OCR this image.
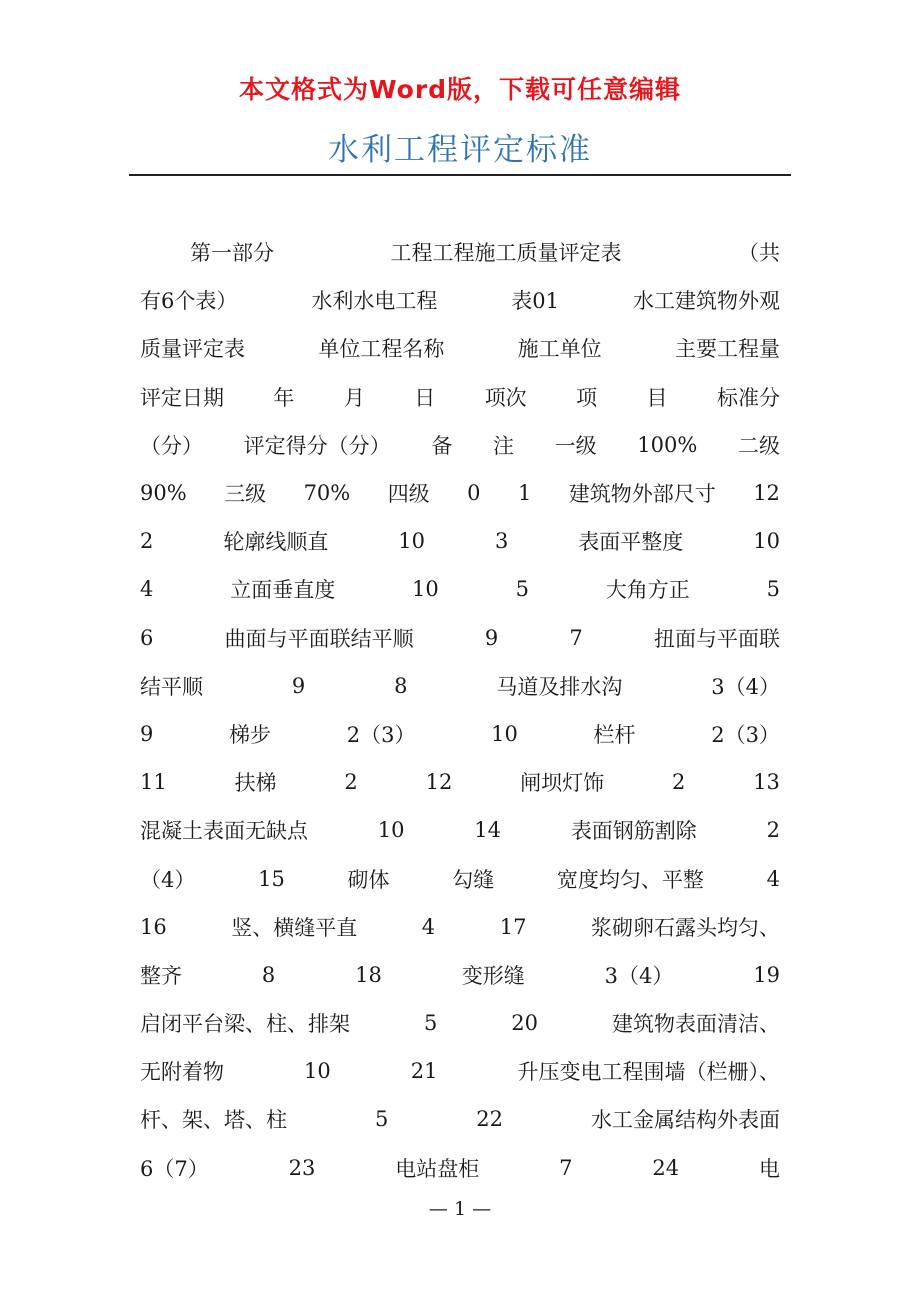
本文格式为Word版，下载可任意编辑
水利工程评定标准
第一部分	工程工程施工质量评定表	（共
有6个表）	水利水电工程	表01	水工建筑物外观
质量评定表	单位工程名称	施工单位	主要工程量
评定日期 年 月 日 项次 项 目 标准分
（分） 评定得分（分） 备 注 一级 100% 二级
90% 三级 70% 四级 0 1 建筑物外部尺寸 12
2	轮廓线顺直	10	3	表面平整度	10
4	立面垂直度	10	5	大角方正	5
6	曲面与平面联结平顺	9	7	扭面与平面联
结平顺	9	8	马道及排水沟	3（4）
9	梯步	2（3）	10	栏杆	2（3）
11	扶梯	2	12	闸坝灯饰	2	13
混凝土表面无缺点	10	14	表面钢筋割除	2
（4）	15	砌体	勾缝	宽度均匀、平整	4
16	竖、横缝平直	4	17	浆砌卵石露头均匀、
整齐	8	18	变形缝	3（4）	19
启闭平台梁、柱、排架	5	20	建筑物表面清洁、
无附着物	10	21	升压变电工程围墙（栏栅）、
杆、架、塔、柱	5	22	水工金属结构外表面
6（7）	23	电站盘柜	7	24	电
— 1 —
